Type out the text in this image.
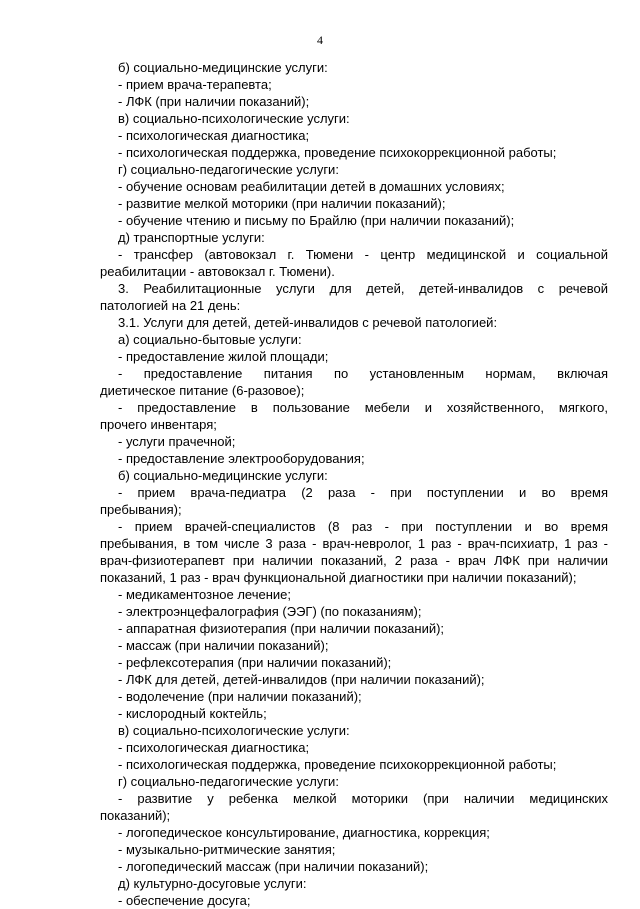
4
б) социально-медицинские услуги:
- прием врача-терапевта;
- ЛФК (при наличии показаний);
в) социально-психологические услуги:
- психологическая диагностика;
- психологическая поддержка, проведение психокоррекционной работы;
г) социально-педагогические услуги:
- обучение основам реабилитации детей в домашних условиях;
- развитие мелкой моторики (при наличии показаний);
- обучение чтению и письму по Брайлю (при наличии показаний);
д) транспортные услуги:
- трансфер (автовокзал г. Тюмени - центр медицинской и социальной
реабилитации - автовокзал г. Тюмени).
3. Реабилитационные услуги для детей, детей-инвалидов с речевой
патологией на 21 день:
3.1. Услуги для детей, детей-инвалидов с речевой патологией:
а) социально-бытовые услуги:
- предоставление жилой площади;
- предоставление питания по установленным нормам, включая
диетическое питание (6-разовое);
- предоставление в пользование мебели и хозяйственного, мягкого,
прочего инвентаря;
- услуги прачечной;
- предоставление электрооборудования;
б) социально-медицинские услуги:
- прием врача-педиатра (2 раза - при поступлении и во время
пребывания);
- прием врачей-специалистов (8 раз - при поступлении и во время
пребывания, в том числе 3 раза - врач-невролог, 1 раз - врач-психиатр, 1 раз -
врач-физиотерапевт при наличии показаний, 2 раза - врач ЛФК при наличии
показаний, 1 раз - врач функциональной диагностики при наличии показаний);
- медикаментозное лечение;
- электроэнцефалография (ЭЭГ) (по показаниям);
- аппаратная физиотерапия (при наличии показаний);
- массаж (при наличии показаний);
- рефлексотерапия (при наличии показаний);
- ЛФК для детей, детей-инвалидов (при наличии показаний);
- водолечение (при наличии показаний);
- кислородный коктейль;
в) социально-психологические услуги:
- психологическая диагностика;
- психологическая поддержка, проведение психокоррекционной работы;
г) социально-педагогические услуги:
- развитие у ребенка мелкой моторики (при наличии медицинских
показаний);
- логопедическое консультирование, диагностика, коррекция;
- музыкально-ритмические занятия;
- логопедический массаж (при наличии показаний);
д) культурно-досуговые услуги:
- обеспечение досуга;
